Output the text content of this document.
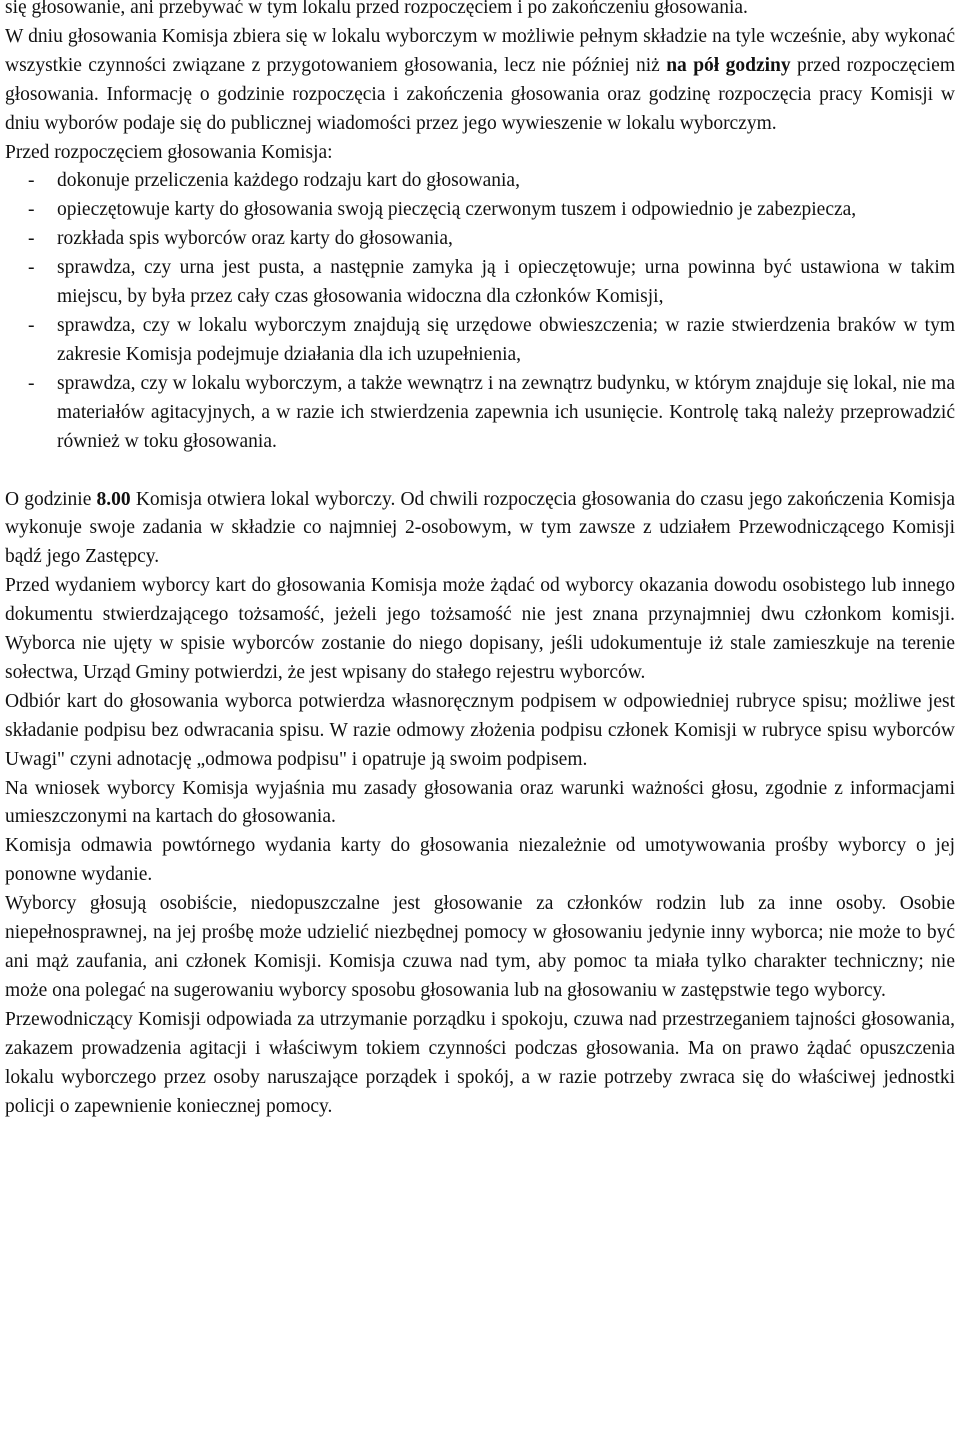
się głosowanie, ani przebywać w tym lokalu przed rozpoczęciem i po zakończeniu głosowania.

W dniu głosowania Komisja zbiera się w lokalu wyborczym w możliwie pełnym składzie na tyle wcześnie, aby wykonać wszystkie czynności związane z przygotowaniem głosowania, lecz nie później niż na pół godziny przed rozpoczęciem głosowania. Informację o godzinie rozpoczęcia i zakończenia głosowania oraz godzinę rozpoczęcia pracy Komisji w dniu wyborów podaje się do publicznej wiadomości przez jego wywieszenie w lokalu wyborczym.

Przed rozpoczęciem głosowania Komisja:

- dokonuje przeliczenia każdego rodzaju kart do głosowania,
- opieczętowuje karty do głosowania swoją pieczęcią czerwonym tuszem i odpowiednio je zabezpiecza,
- rozkłada spis wyborców oraz karty do głosowania,
- sprawdza, czy urna jest pusta, a następnie zamyka ją i opieczętowuje; urna powinna być ustawiona w takim miejscu, by była przez cały czas głosowania widoczna dla członków Komisji,
- sprawdza, czy w lokalu wyborczym znajdują się urzędowe obwieszczenia; w razie stwierdzenia braków w tym zakresie Komisja podejmuje działania dla ich uzupełnienia,
- sprawdza, czy w lokalu wyborczym, a także wewnątrz i na zewnątrz budynku, w którym znajduje się lokal, nie ma materiałów agitacyjnych, a w razie ich stwierdzenia zapewnia ich usunięcie. Kontrolę taką należy przeprowadzić również w toku głosowania.

O godzinie 8.00 Komisja otwiera lokal wyborczy. Od chwili rozpoczęcia głosowania do czasu jego zakończenia Komisja wykonuje swoje zadania w składzie co najmniej 2-osobowym, w tym zawsze z udziałem Przewodniczącego Komisji bądź jego Zastępcy.

Przed wydaniem wyborcy kart do głosowania Komisja może żądać od wyborcy okazania dowodu osobistego lub innego dokumentu stwierdzającego tożsamość, jeżeli jego tożsamość nie jest znana przynajmniej dwu członkom komisji. Wyborca nie ujęty w spisie wyborców zostanie do niego dopisany, jeśli udokumentuje iż stale zamieszkuje na terenie sołectwa, Urząd Gminy potwierdzi, że jest wpisany do stałego rejestru wyborców.

Odbiór kart do głosowania wyborca potwierdza własnoręcznym podpisem w odpowiedniej rubryce spisu; możliwe jest składanie podpisu bez odwracania spisu. W razie odmowy złożenia podpisu członek Komisji w rubryce spisu wyborców Uwagi" czyni adnotację „odmowa podpisu" i opatruje ją swoim podpisem.

Na wniosek wyborcy Komisja wyjaśnia mu zasady głosowania oraz warunki ważności głosu, zgodnie z informacjami umieszczonymi na kartach do głosowania.

Komisja odmawia powtórnego wydania karty do głosowania niezależnie od umotywowania prośby wyborcy o jej ponowne wydanie.

Wyborcy głosują osobiście, niedopuszczalne jest głosowanie za członków rodzin lub za inne osoby. Osobie niepełnosprawnej, na jej prośbę może udzielić niezbędnej pomocy w głosowaniu jedynie inny wyborca; nie może to być ani mąż zaufania, ani członek Komisji. Komisja czuwa nad tym, aby pomoc ta miała tylko charakter techniczny; nie może ona polegać na sugerowaniu wyborcy sposobu głosowania lub na głosowaniu w zastępstwie tego wyborcy.

Przewodniczący Komisji odpowiada za utrzymanie porządku i spokoju, czuwa nad przestrzeganiem tajności głosowania, zakazem prowadzenia agitacji i właściwym tokiem czynności podczas głosowania. Ma on prawo żądać opuszczenia lokalu wyborczego przez osoby naruszające porządek i spokój, a w razie potrzeby zwraca się do właściwej jednostki policji o zapewnienie koniecznej pomocy.
